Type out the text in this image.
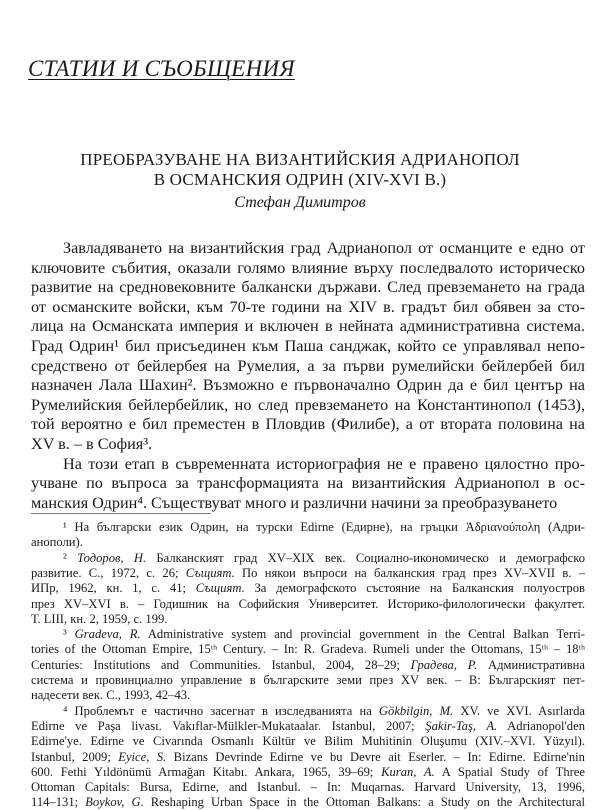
СТАТИИ И СЪОБЩЕНИЯ
ПРЕОБРАЗУВАНЕ НА ВИЗАНТИЙСКИЯ АДРИАНОПОЛ
В ОСМАНСКИЯ ОДРИН (XIV-XVI В.)
Стефан Димитров
Завладяването на византийския град Адрианопол от османците е едно от
ключовите събития, оказали голямо влияние върху последвалото историческо
развитие на средновековните балкански държави. След превземането на града
от османските войски, към 70-те години на XIV в. градът бил обявен за сто-
лица на Османската империя и включен в нейната административна система.
Град Одрин¹ бил присъединен към Паша санджак, който се управлявал непо-
средствено от бейлербея на Румелия, а за първи румелийски бейлербей бил
назначен Лала Шахин². Възможно е първоначално Одрин да е бил център на
Румелийския бейлербейлик, но след превземането на Константинопол (1453),
той вероятно е бил преместен в Пловдив (Филибе), а от втората половина на
XV в. – в София³.
На този етап в съвременната историография не е правено цялостно про-
учване по въпроса за трансформацията на византийския Адрианопол в ос-
манския Одрин⁴. Съществуват много и различни начини за преобразуването
¹ На български език Одрин, на турски Edirne (Едирне), на гръцки Ἀδριανούπολη (Адри-
анополи).
² Тодоров, Н. Балканският град XV–XIX век. Социално-икономическо и демографско
развитие. С., 1972, с. 26; Същият. По някои въпроси на балканския град през XV–XVII в. –
ИПр, 1962, кн. 1, с. 41; Същият. За демографското състояние на Балканския полуостров
през XV–XVI в. – Годишник на Софийския Университет. Историко-филологически факултет.
Т. LIII, кн. 2, 1959, с. 199.
³ Gradeva, R. Administrative system and provincial government in the Central Balkan Terri-
tories of the Ottoman Empire, 15ᵗʰ Century. – In: R. Gradeva. Rumeli under the Ottomans, 15ᵗʰ – 18ᵗʰ
Centuries: Institutions and Communities. Istanbul, 2004, 28–29; Градева, Р. Административна
система и провинциално управление в българските земи през XV век. – В: Българският пет-
надесети век. С., 1993, 42–43.
⁴ Проблемът е частично засегнат в изследванията на Gökbilgin, M. XV. ve XVI. Asırlarda
Edirne ve Paşa livası. Vakıflar-Mülkler-Mukataalar. Istanbul, 2007; Şakir-Taş, A. Adrianopol'den
Edirne'ye. Edirne ve Civarında Osmanlı Kültür ve Bilim Muhitinin Oluşumu (XIV.–XVI. Yüzyıl).
Istanbul, 2009; Eyice, S. Bizans Devrinde Edirne ve bu Devre ait Eserler. – In: Edirne. Edirne'nin
600. Fethi Yıldönümü Armağan Kitabı. Ankara, 1965, 39–69; Kuran, A. A Spatial Study of Three
Ottoman Capitals: Bursa, Edirne, and Istanbul. – In: Muqarnas. Harvard University, 13, 1996,
114–131; Boykov, G. Reshaping Urban Space in the Ottoman Balkans: a Study on the Architectural
